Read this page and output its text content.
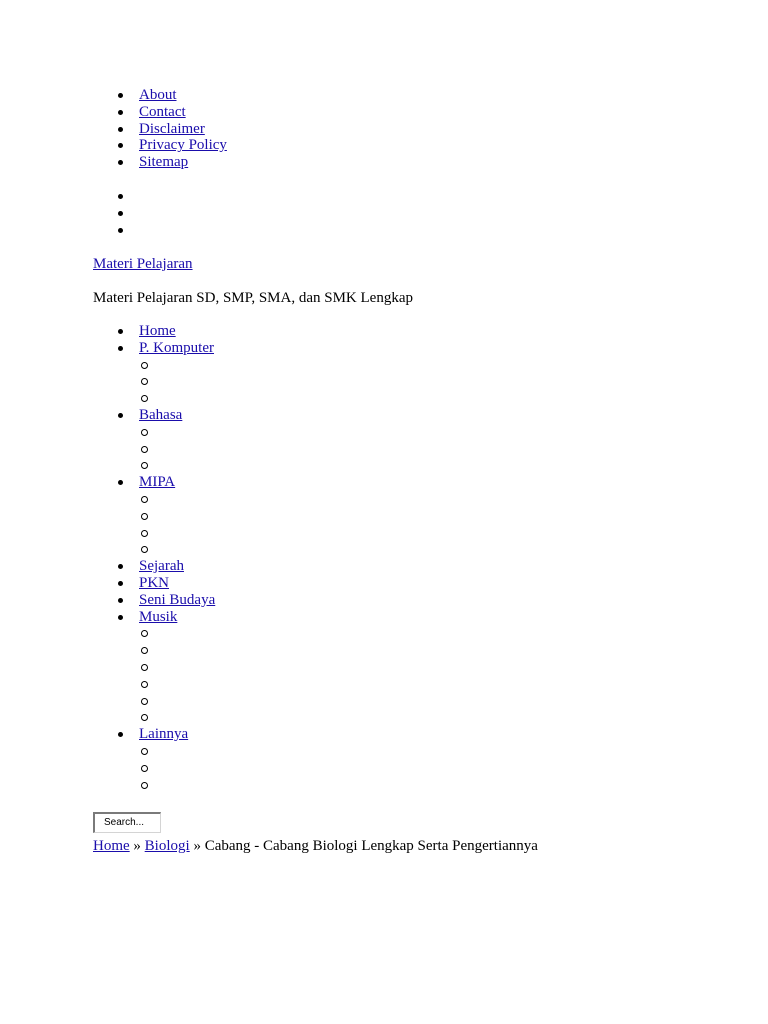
About
Contact
Disclaimer
Privacy Policy
Sitemap
Materi Pelajaran
Materi Pelajaran SD, SMP, SMA, dan SMK Lengkap
Home
P. Komputer
Bahasa
MIPA
Sejarah
PKN
Seni Budaya
Musik
Lainnya
Search...
Home » Biologi » Cabang - Cabang Biologi Lengkap Serta Pengertiannya
